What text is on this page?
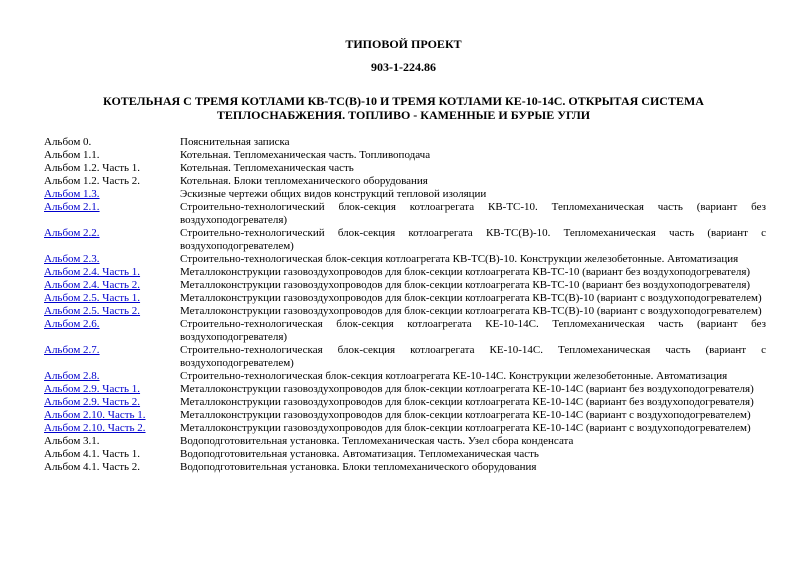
ТИПОВОЙ ПРОЕКТ
903-1-224.86
КОТЕЛЬНАЯ С ТРЕМЯ КОТЛАМИ КВ-ТС(В)-10 И ТРЕМЯ КОТЛАМИ КЕ-10-14С. ОТКРЫТАЯ СИСТЕМА ТЕПЛОСНАБЖЕНИЯ. ТОПЛИВО - КАМЕННЫЕ И БУРЫЕ УГЛИ
Альбом 0.	Пояснительная записка
Альбом 1.1.	Котельная. Тепломеханическая часть. Топливоподача
Альбом 1.2. Часть 1.	Котельная. Тепломеханическая часть
Альбом 1.2. Часть 2.	Котельная. Блоки тепломеханического оборудования
Альбом 1.3.	Эскизные чертежи общих видов конструкций тепловой изоляции
Альбом 2.1.	Строительно-технологический блок-секция котлоагрегата КВ-ТС-10. Тепломеханическая часть (вариант без воздухоподогревателя)
Альбом 2.2.	Строительно-технологический блок-секция котлоагрегата КВ-ТС(В)-10. Тепломеханическая часть (вариант с воздухоподогревателем)
Альбом 2.3.	Строительно-технологическая блок-секция котлоагрегата КВ-ТС(В)-10. Конструкции железобетонные. Автоматизация
Альбом 2.4. Часть 1.	Металлоконструкции газовоздухопроводов для блок-секции котлоагрегата КВ-ТС-10 (вариант без воздухоподогревателя)
Альбом 2.4. Часть 2.	Металлоконструкции газовоздухопроводов для блок-секции котлоагрегата КВ-ТС-10 (вариант без воздухоподогревателя)
Альбом 2.5. Часть 1.	Металлоконструкции газовоздухопроводов для блок-секции котлоагрегата КВ-ТС(В)-10 (вариант с воздухоподогревателем)
Альбом 2.5. Часть 2.	Металлоконструкции газовоздухопроводов для блок-секции котлоагрегата КВ-ТС(В)-10 (вариант с воздухоподогревателем)
Альбом 2.6.	Строительно-технологическая блок-секция котлоагрегата КЕ-10-14С. Тепломеханическая часть (вариант без воздухоподогревателя)
Альбом 2.7.	Строительно-технологическая блок-секция котлоагрегата КЕ-10-14С. Тепломеханическая часть (вариант с воздухоподогревателем)
Альбом 2.8.	Строительно-технологическая блок-секция котлоагрегата КЕ-10-14С. Конструкции железобетонные. Автоматизация
Альбом 2.9. Часть 1.	Металлоконструкции газовоздухопроводов для блок-секции котлоагрегата КЕ-10-14С (вариант без воздухоподогревателя)
Альбом 2.9. Часть 2.	Металлоконструкции газовоздухопроводов для блок-секции котлоагрегата КЕ-10-14С (вариант без воздухоподогревателя)
Альбом 2.10. Часть 1.	Металлоконструкции газовоздухопроводов для блок-секции котлоагрегата КЕ-10-14С (вариант с воздухоподогревателем)
Альбом 2.10. Часть 2.	Металлоконструкции газовоздухопроводов для блок-секции котлоагрегата КЕ-10-14С (вариант с воздухоподогревателем)
Альбом 3.1.	Водоподготовительная установка. Тепломеханическая часть. Узел сбора конденсата
Альбом 4.1. Часть 1.	Водоподготовительная установка. Автоматизация. Тепломеханическая часть
Альбом 4.1. Часть 2.	Водоподготовительная установка. Блоки тепломеханического оборудования
